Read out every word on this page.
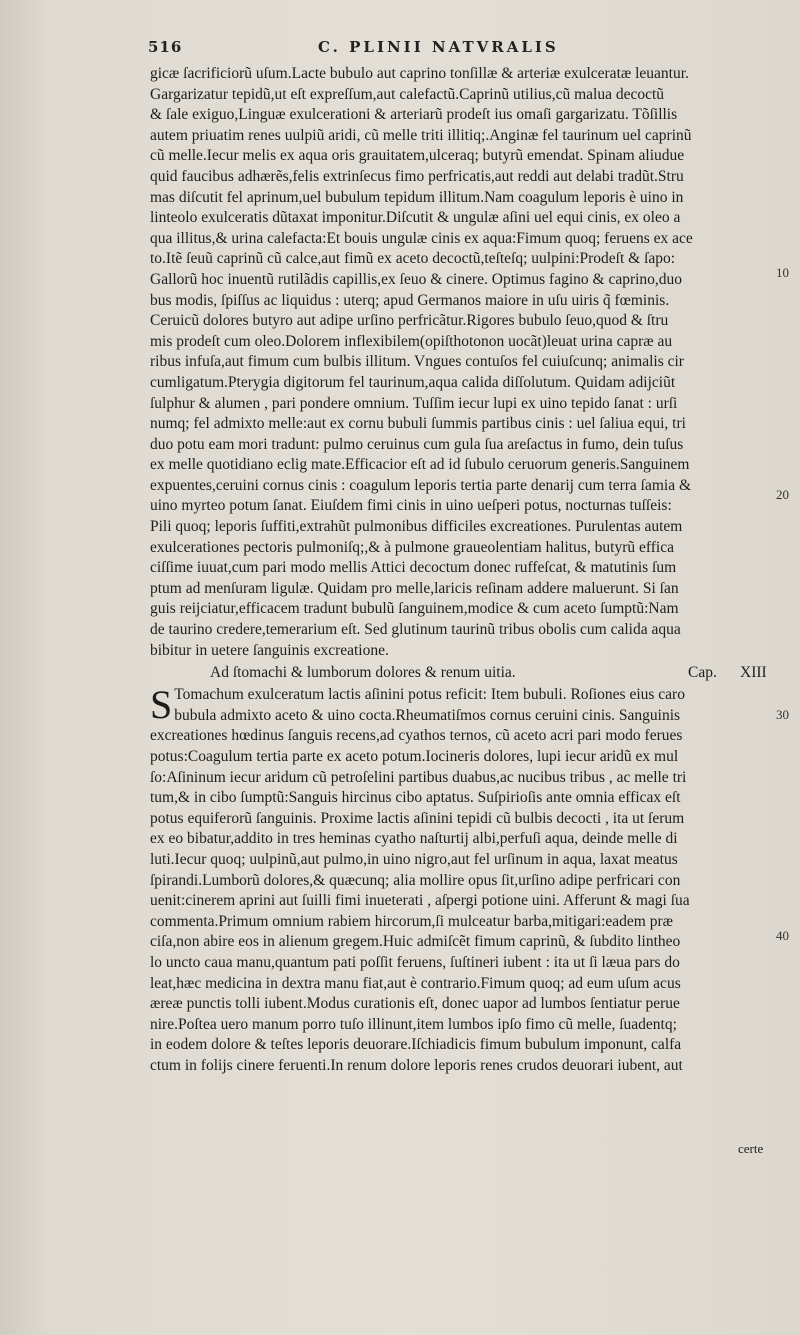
516	C. PLINII NATVRALIS
gicæ ſacrificiorũ uſum.Lacte bubulo aut caprino tonſillæ & arteriæ exulceratæ leuantur.
Gargarizatur tepidũ,ut eſt expreſſum,aut calefactũ.Caprinũ utilius,cũ malua decoctũ
& ſale exiguo,Linguæ exulcerationi & arteriarũ prodeſt ius omaſi gargarizatu. Tõſillis
autem priuatim renes uulpiũ aridi, cũ melle triti illitiq;.Anginæ fel taurinum uel caprinũ
cũ melle.Iecur melis ex aqua oris grauitatem,ulceraq; butyrũ emendat. Spinam aliudue
quid faucibus adhærẽs,felis extrinſecus fimo perfricatis,aut reddi aut delabi tradũt.Stru
mas diſcutit fel aprinum,uel bubulum tepidum illitum.Nam coagulum leporis è uino in
linteolo exulceratis dũtaxat imponitur.Diſcutit & ungulæ aſini uel equi cinis, ex oleo a
qua illitus,& urina calefacta:Et bouis ungulæ cinis ex aqua:Fimum quoq; feruens ex ace
to.Itẽ ſeuũ caprinũ cũ calce,aut fimũ ex aceto decoctũ,teſteſq; uulpini:Prodeſt & ſapo:
Gallorũ hoc inuentũ rutilãdis capillis,ex ſeuo & cinere. Optimus fagino & caprino,duo
bus modis, ſpiſſus ac liquidus : uterq; apud Germanos maiore in uſu uiris q̃ fœminis.
Ceruicũ dolores butyro aut adipe urſino perfricãtur.Rigores bubulo ſeuo,quod & ſtru
mis prodeſt cum oleo.Dolorem inflexibilem(opiſthotonon uocãt)leuat urina capræ au
ribus infuſa,aut fimum cum bulbis illitum. Vngues contuſos fel cuiuſcunq; animalis cir
cumligatum.Pterygia digitorum fel taurinum,aqua calida diſſolutum. Quidam adijciũt
ſulphur & alumen , pari pondere omnium. Tuſſim iecur lupi ex uino tepido ſanat : urſi
numq; fel admixto melle:aut ex cornu bubuli ſummis partibus cinis : uel ſaliua equi, tri
duo potu eam mori tradunt: pulmo ceruinus cum gula ſua areſactus in fumo, dein tuſus
ex melle quotidiano eclig mate.Efficacior eſt ad id ſubulo ceruorum generis.Sanguinem
expuentes,ceruini cornus cinis : coagulum leporis tertia parte denarij cum terra ſamia &
uino myrteo potum ſanat. Eiuſdem fimi cinis in uino ueſperi potus, nocturnas tuſſeis:
Pili quoq; leporis ſuffiti,extrahũt pulmonibus difficiles excreationes. Purulentas autem
exulcerationes pectoris pulmoniſq;,& à pulmone graueolentiam halitus, butyrũ effica
ciſſime iuuat,cum pari modo mellis Attici decoctum donec ruffeſcat, & matutinis ſum
ptum ad menſuram ligulæ. Quidam pro melle,laricis reſinam addere maluerunt. Si ſan
guis reijciatur,efficacem tradunt bubulũ ſanguinem,modice & cum aceto ſumptũ:Nam
de taurino credere,temerarium eſt. Sed glutinum taurinũ tribus obolis cum calida aqua
bibitur in uetere ſanguinis excreatione.
Ad ſtomachi & lumborum dolores & renum uitia.	Cap. XIII
S Tomachum exulceratum lactis aſinini potus reficit: Item bubuli. Roſiones eius caro
bubula admixto aceto & uino cocta.Rheumatiſmos cornus ceruini cinis. Sanguinis
excreationes hœdinus ſanguis recens,ad cyathos ternos, cũ aceto acri pari modo ferues
potus:Coagulum tertia parte ex aceto potum.Iocineris dolores, lupi iecur aridũ ex mul
ſo:Aſininum iecur aridum cũ petroſelini partibus duabus,ac nucibus tribus , ac melle tri
tum,& in cibo ſumptũ:Sanguis hircinus cibo aptatus. Suſpirioſis ante omnia efficax eſt
potus equiferorũ ſanguinis. Proxime lactis aſinini tepidi cũ bulbis decocti , ita ut ſerum
ex eo bibatur,addito in tres heminas cyatho naſturtij albi,perfuſi aqua, deinde melle di
luti.Iecur quoq; uulpinũ,aut pulmo,in uino nigro,aut fel urſinum in aqua, laxat meatus
ſpirandi.Lumborũ dolores,& quæcunq; alia mollire opus ſit,urſino adipe perfricari con
uenit:cinerem aprini aut ſuilli fimi inueterati , aſpergi potione uini. Afferunt & magi ſua
commenta.Primum omnium rabiem hircorum,ſi mulceatur barba,mitigari:eadem præ
ciſa,non abire eos in alienum gregem.Huic admiſcẽt fimum caprinũ, & ſubdito lintheo
lo uncto caua manu,quantum pati poſſit feruens, ſuſtineri iubent : ita ut ſi læua pars do
leat,hæc medicina in dextra manu fiat,aut è contrario.Fimum quoq; ad eum uſum acus
æreæ punctis tolli iubent.Modus curationis eſt, donec uapor ad lumbos ſentiatur perue
nire.Poſtea uero manum porro tuſo illinunt,item lumbos ipſo fimo cũ melle, ſuadentq;
in eodem dolore & teſtes leporis deuorare.Iſchiadicis fimum bubulum imponunt, calfa
ctum in folijs cinere feruenti.In renum dolore leporis renes crudos deuorari iubent, aut
10
20
30
40
certe
